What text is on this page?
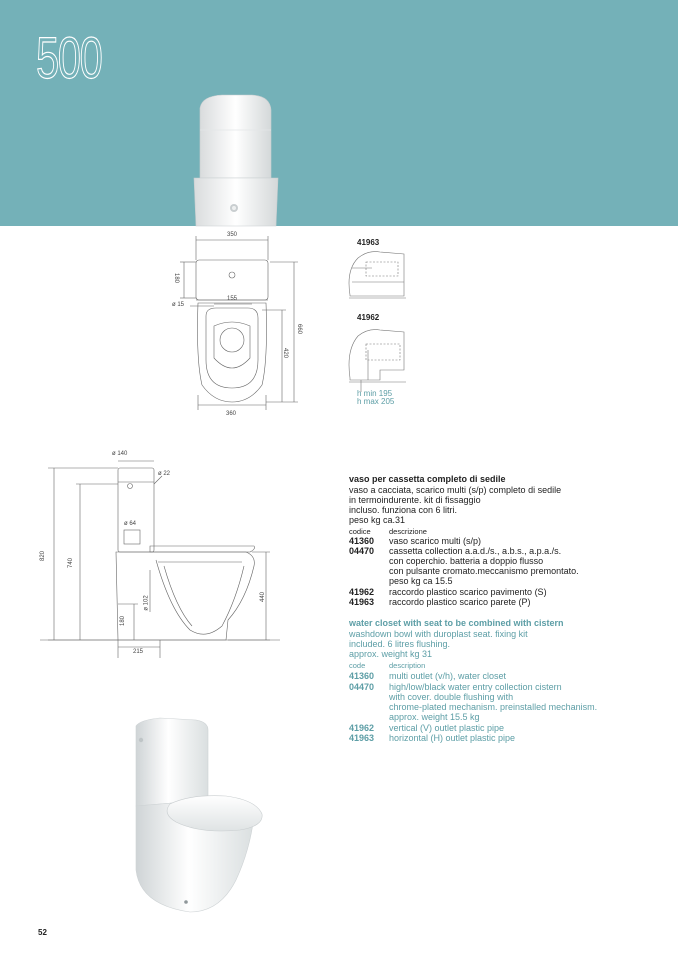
500
350
180
155
ø 15
660
420
360
41963
41962
h min 195
h max 205
ø 140
ø 22
ø 64
820
740
ø 102
180
440
215
vaso per cassetta completo di sedile
vaso a cacciata, scarico multi (s/p) completo di sedile
in termoindurente. kit di fissaggio
incluso. funziona con 6 litri.
peso kg ca.31
codice descrizione
41360 vaso scarico multi (s/p)
04470 cassetta collection a.a.d./s., a.b.s., a.p.a./s.
con coperchio. batteria a doppio flusso
con pulsante cromato.meccanismo premontato.
peso kg ca 15.5
41962 raccordo plastico scarico pavimento (S)
41963 raccordo plastico scarico parete (P)
water closet with seat to be combined with cistern
washdown bowl with duroplast seat. fixing kit
included. 6 litres flushing.
approx. weight kg 31
code	description
41360 multi outlet (v/h), water closet
04470 high/low/black water entry collection cistern
with cover. double flushing with
chrome-plated mechanism. preinstalled mechanism.
approx. weight 15.5 kg
41962 vertical (V) outlet plastic pipe
41963 horizontal (H) outlet plastic pipe
52
